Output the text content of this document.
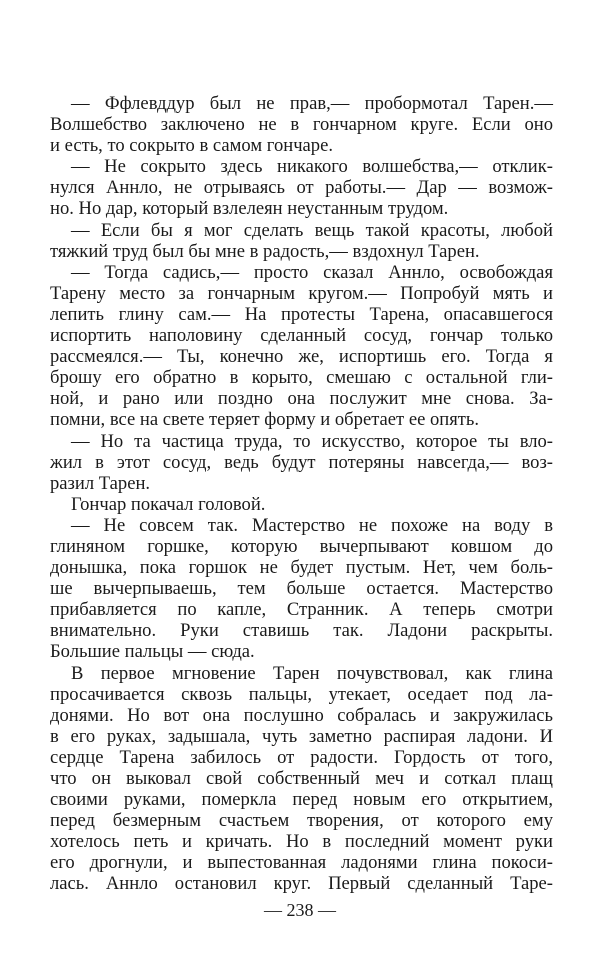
— Ффлевддур был не прав,— пробормотал Тарен.—
Волшебство заключено не в гончарном круге. Если оно
и есть, то сокрыто в самом гончаре.
— Не сокрыто здесь никакого волшебства,— отклик-
нулся Аннло, не отрываясь от работы.— Дар — возмож-
но. Но дар, который взлелеян неустанным трудом.
— Если бы я мог сделать вещь такой красоты, любой
тяжкий труд был бы мне в радость,— вздохнул Тарен.
— Тогда садись,— просто сказал Аннло, освобождая
Тарену место за гончарным кругом.— Попробуй мять и
лепить глину сам.— На протесты Тарена, опасавшегося
испортить наполовину сделанный сосуд, гончар только
рассмеялся.— Ты, конечно же, испортишь его. Тогда я
брошу его обратно в корыто, смешаю с остальной гли-
ной, и рано или поздно она послужит мне снова. За-
помни, все на свете теряет форму и обретает ее опять.
— Но та частица труда, то искусство, которое ты вло-
жил в этот сосуд, ведь будут потеряны навсегда,— воз-
разил Тарен.
Гончар покачал головой.
— Не совсем так. Мастерство не похоже на воду в
глиняном горшке, которую вычерпывают ковшом до
донышка, пока горшок не будет пустым. Нет, чем боль-
ше вычерпываешь, тем больше остается. Мастерство
прибавляется по капле, Странник. А теперь смотри
внимательно. Руки ставишь так. Ладони раскрыты.
Большие пальцы — сюда.
В первое мгновение Тарен почувствовал, как глина
просачивается сквозь пальцы, утекает, оседает под ла-
донями. Но вот она послушно собралась и закружилась
в его руках, задышала, чуть заметно распирая ладони. И
сердце Тарена забилось от радости. Гордость от того,
что он выковал свой собственный меч и соткал плащ
своими руками, померкла перед новым его открытием,
перед безмерным счастьем творения, от которого ему
хотелось петь и кричать. Но в последний момент руки
его дрогнули, и выпестованная ладонями глина покоси-
лась. Аннло остановил круг. Первый сделанный Таре-
— 238 —
